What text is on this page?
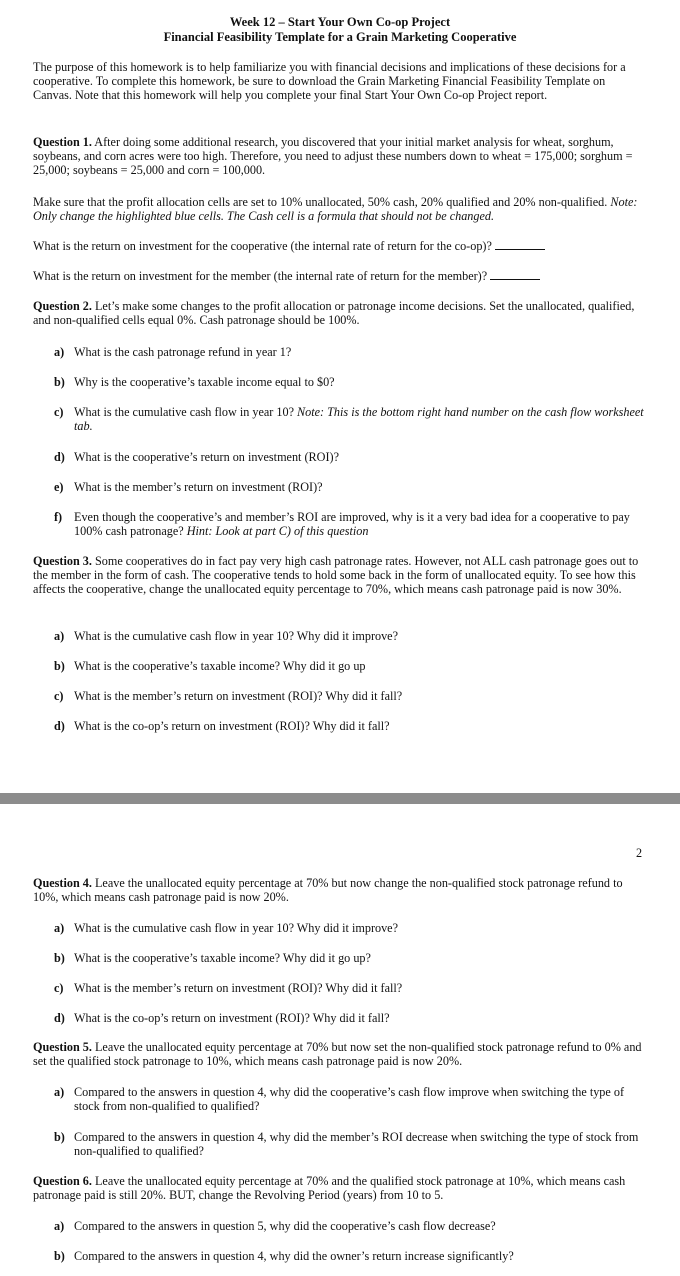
Week 12 – Start Your Own Co-op Project
Financial Feasibility Template for a Grain Marketing Cooperative
The purpose of this homework is to help familiarize you with financial decisions and implications of these decisions for a cooperative. To complete this homework, be sure to download the Grain Marketing Financial Feasibility Template on Canvas. Note that this homework will help you complete your final Start Your Own Co-op Project report.
Question 1. After doing some additional research, you discovered that your initial market analysis for wheat, sorghum, soybeans, and corn acres were too high. Therefore, you need to adjust these numbers down to wheat = 175,000; sorghum = 25,000; soybeans = 25,000 and corn = 100,000.
Make sure that the profit allocation cells are set to 10% unallocated, 50% cash, 20% qualified and 20% non-qualified. Note: Only change the highlighted blue cells. The Cash cell is a formula that should not be changed.
What is the return on investment for the cooperative (the internal rate of return for the co-op)?
What is the return on investment for the member (the internal rate of return for the member)?
Question 2. Let’s make some changes to the profit allocation or patronage income decisions. Set the unallocated, qualified, and non-qualified cells equal 0%. Cash patronage should be 100%.
a) What is the cash patronage refund in year 1?
b) Why is the cooperative’s taxable income equal to $0?
c) What is the cumulative cash flow in year 10? Note: This is the bottom right hand number on the cash flow worksheet tab.
d) What is the cooperative’s return on investment (ROI)?
e) What is the member’s return on investment (ROI)?
f) Even though the cooperative’s and member’s ROI are improved, why is it a very bad idea for a cooperative to pay 100% cash patronage? Hint: Look at part C) of this question
Question 3. Some cooperatives do in fact pay very high cash patronage rates. However, not ALL cash patronage goes out to the member in the form of cash. The cooperative tends to hold some back in the form of unallocated equity. To see how this affects the cooperative, change the unallocated equity percentage to 70%, which means cash patronage paid is now 30%.
a) What is the cumulative cash flow in year 10? Why did it improve?
b) What is the cooperative’s taxable income? Why did it go up
c) What is the member’s return on investment (ROI)? Why did it fall?
d) What is the co-op’s return on investment (ROI)? Why did it fall?
2
Question 4. Leave the unallocated equity percentage at 70% but now change the non-qualified stock patronage refund to 10%, which means cash patronage paid is now 20%.
a) What is the cumulative cash flow in year 10? Why did it improve?
b) What is the cooperative’s taxable income? Why did it go up?
c) What is the member’s return on investment (ROI)? Why did it fall?
d) What is the co-op’s return on investment (ROI)? Why did it fall?
Question 5. Leave the unallocated equity percentage at 70% but now set the non-qualified stock patronage refund to 0% and set the qualified stock patronage to 10%, which means cash patronage paid is now 20%.
a) Compared to the answers in question 4, why did the cooperative’s cash flow improve when switching the type of stock from non-qualified to qualified?
b) Compared to the answers in question 4, why did the member’s ROI decrease when switching the type of stock from non-qualified to qualified?
Question 6. Leave the unallocated equity percentage at 70% and the qualified stock patronage at 10%, which means cash patronage paid is still 20%. BUT, change the Revolving Period (years) from 10 to 5.
a) Compared to the answers in question 5, why did the cooperative’s cash flow decrease?
b) Compared to the answers in question 4, why did the owner’s return increase significantly?
